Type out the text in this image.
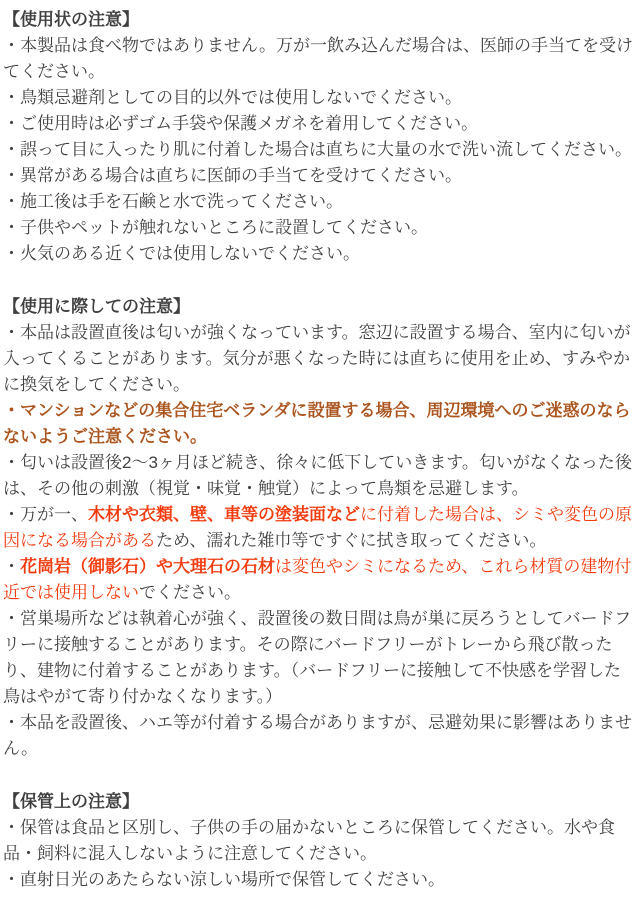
【使用状の注意】

・本製品は食べ物ではありません。万が一飲み込んだ場合は、医師の手当てを受けてください。

・鳥類忌避剤としての目的以外では使用しないでください。

・ご使用時は必ずゴム手袋や保護メガネを着用してください。

・誤って目に入ったり肌に付着した場合は直ちに大量の水で洗い流してください。

・異常がある場合は直ちに医師の手当てを受けてください。

・施工後は手を石鹸と水で洗ってください。

・子供やペットが触れないところに設置してください。

・火気のある近くでは使用しないでください。

【使用に際しての注意】

・本品は設置直後は匂いが強くなっています。窓辺に設置する場合、室内に匂いが入ってくることがあります。気分が悪くなった時には直ちに使用を止め、すみやかに換気をしてください。

・マンションなどの集合住宅ベランダに設置する場合、周辺環境へのご迷惑のならないようご注意ください。

・匂いは設置後2～3ヶ月ほど続き、徐々に低下していきます。匂いがなくなった後は、その他の刺激（視覚・味覚・触覚）によって鳥類を忌避します。

・万が一、木材や衣類、壁、車等の塗装面などに付着した場合は、シミや変色の原因になる場合があるため、濡れた雑巾等ですぐに拭き取ってください。

・花崗岩（御影石）や大理石の石材は変色やシミになるため、これら材質の建物付近では使用しないでください。

・営巣場所などは執着心が強く、設置後の数日間は鳥が巣に戻ろうとしてバードフリーに接触することがあります。その際にバードフリーがトレーから飛び散ったり、建物に付着することがあります。（バードフリーに接触して不快感を学習した鳥はやがて寄り付かなくなります。）

・本品を設置後、ハエ等が付着する場合がありますが、忌避効果に影響はありません。

【保管上の注意】

・保管は食品と区別し、子供の手の届かないところに保管してください。水や食品・飼料に混入しないように注意してください。

・直射日光のあたらない涼しい場所で保管してください。
